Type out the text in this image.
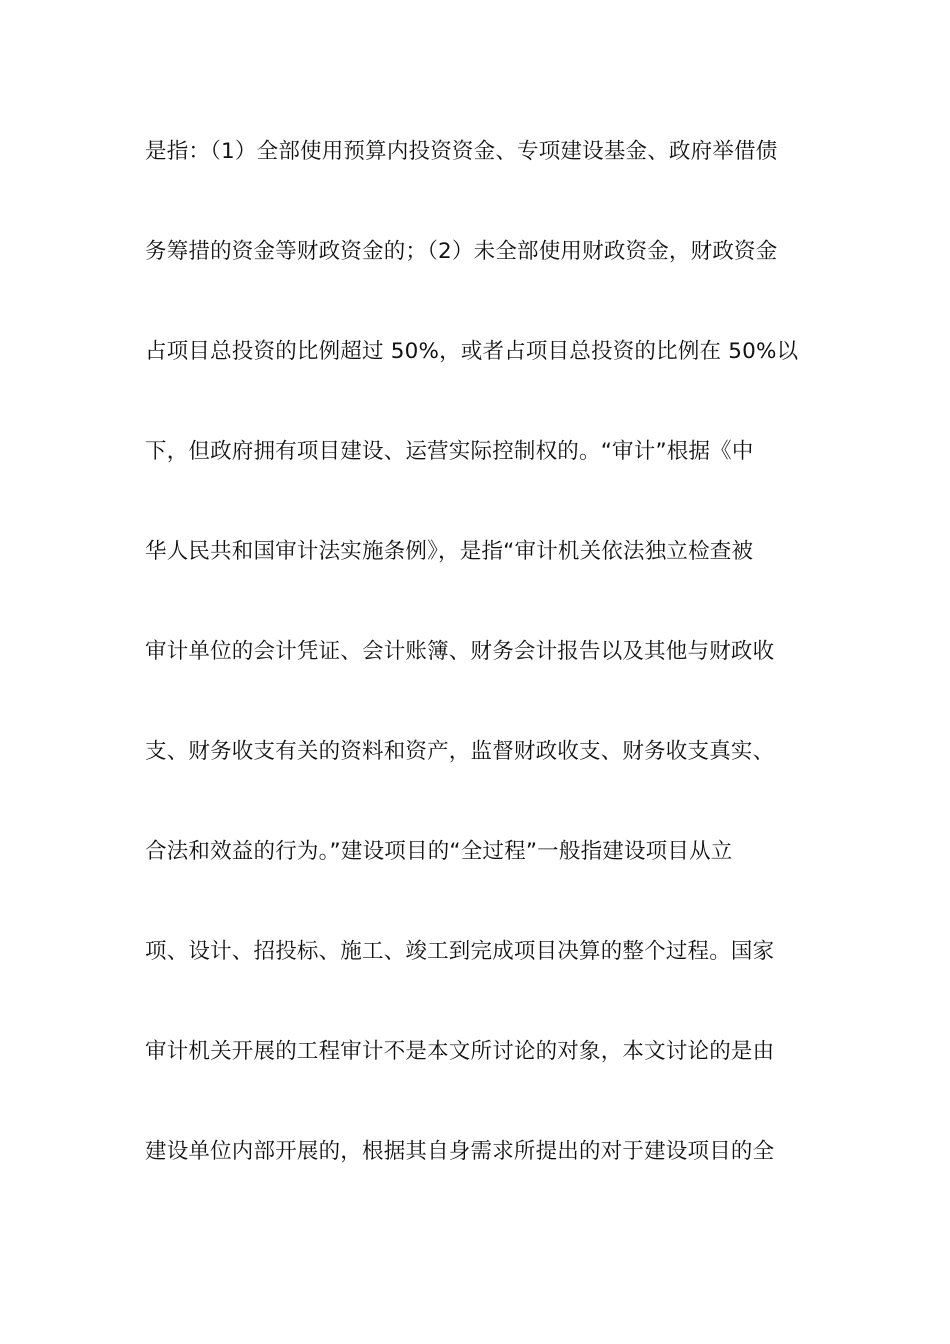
是指：（1）全部使用预算内投资资金、专项建设基金、政府举借债
务筹措的资金等财政资金的；（2）未全部使用财政资金，财政资金
占项目总投资的比例超过 50%，或者占项目总投资的比例在 50%以
下，但政府拥有项目建设、运营实际控制权的。“审计”根据《中
华人民共和国审计法实施条例》，是指“审计机关依法独立检查被
审计单位的会计凭证、会计账簿、财务会计报告以及其他与财政收
支、财务收支有关的资料和资产，监督财政收支、财务收支真实、
合法和效益的行为。”建设项目的“全过程”一般指建设项目从立
项、设计、招投标、施工、竣工到完成项目决算的整个过程。国家
审计机关开展的工程审计不是本文所讨论的对象，本文讨论的是由
建设单位内部开展的，根据其自身需求所提出的对于建设项目的全
